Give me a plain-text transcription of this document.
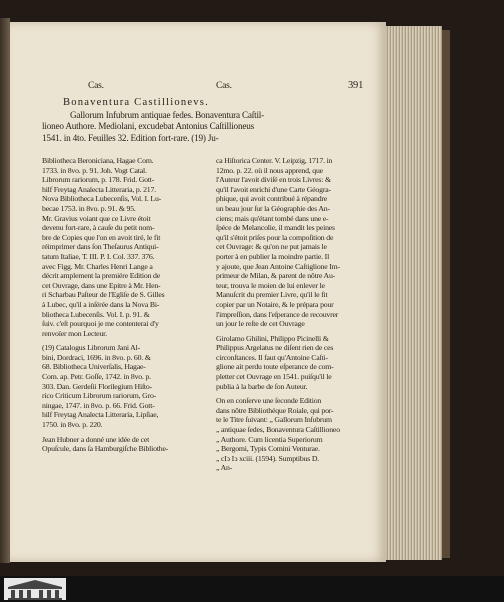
Cas.	Cas.	391
Bonaventura Castillionevs.
Gallorum Infubrum antiquae fedes. Bonaventura Caſtil-
lioneo Authore. Mediolani, excudebat Antonius Caſtillioneus
1541. in 4to. Feuilles 32. Edition fort-rare. (19) Ju-
Bibliotheca Beroniciana, Hagae Com.
1733. in 8vo. p. 91. Joh. Vogt Catal.
Librorum rariorum, p. 178. Frid. Gott-
hilf Freytag Analecta Litteraria, p. 217.
Nova Bibliotheca Lubecenſis, Vol. I. Lu-
becae 1753. in 8vo. p. 91. & 95.
Mr. Gravius voiant que ce Livre étoit
devenu fort-rare, à cauſe du petit nom-
bre de Copies que l'on en avoit tiré, le fit
réimprimer dans ſon Theſaurus Antiqui-
tatum Italiae, T. III. P. I. Col. 337. 376.
avec Figg. Mr. Charles Henri Lange a
décrit amplement la premiére Edition de
cet Ouvrage, dans une Epitre à Mr. Hen-
ri Scharbau Paſteur de l'Egliſe de S. Gilles
à Lubec, qu'il a inſérée dans la Nova Bi-
bliotheca Lubecenſis. Vol. I. p. 91. &
ſuiv. c'eſt pourquoi je me contenterai d'y
renvoïer mon Lecteur.
(19) Catalogus Librorum Jani Al-
bini, Dordraci, 1696. in 8vo. p. 60. &
68. Bibliotheca Univerſalis, Hagae-
Com. ap. Petr. Goſſe, 1742. in 8vo. p.
303. Dan. Gerdeſii Florilegium Hiſto-
rico Criticum Librorum rariorum, Gro-
ningae, 1747. in 8vo. p. 66. Frid. Gott-
hilf Freytag Analecta Litteraria, Lipſiae,
1750. in 8vo. p. 220.
Jean Hubner a donné une idée de cet
Opuſcule, dans ſa Hamburgiſche Bibliothe-
ca Hiſtorica Center. V. Leipzig, 1717. in
12mo. p. 22. où il nous apprend, que
l'Auteur l'avoit diviſé en trois Livres: &
qu'il l'avoit enrichi d'une Carte Géogra-
phique, qui avoit contribué à répandre
un beau jour ſur la Géographie des An-
ciens; mais qu'étant tombé dans une e-
ſpéce de Melancolie, il mandit les peines
qu'il s'étoit priſes pour la compoſition de
cet Ouvrage: & qu'on ne put jamais le
porter à en publier la moindre partie. Il
y ajoute, que Jean Antoine Caſtiglione Im-
primeur de Milan, & parent de nôtre Au-
teur, trouva le moien de lui enlever le
Manuſcrit du premier Livre, qu'il le fit
copier par un Notaire, & le prépara pour
l'impreſſion, dans l'eſperance de recouvrer
un jour le reſte de cet Ouvrage
Girolamo Ghilini, Philippo Picinelli &
Philippus Argelatus ne diſent rien de ces
circonſtances. Il faut qu'Antoine Caſti-
glione ait perdu toute eſperance de com-
pletter cet Ouvrage en 1541. puiſqu'il le
publia à la barbe de ſon Auteur.
On en conſerve une ſeconde Edition
dans nôtre Bibliothéque Roiale, qui por-
te le Titre ſuivant: „ Gallorum Inſubrum
„ antiquae ſedes, Bonaventura Caſtillioneo
„ Authore. Cum licentia Superiorum
„ Bergomi, Typis Comini Venturae.
„ cIↄ Iↄ xciii. (1594). Sumptibus D.
„ An-
